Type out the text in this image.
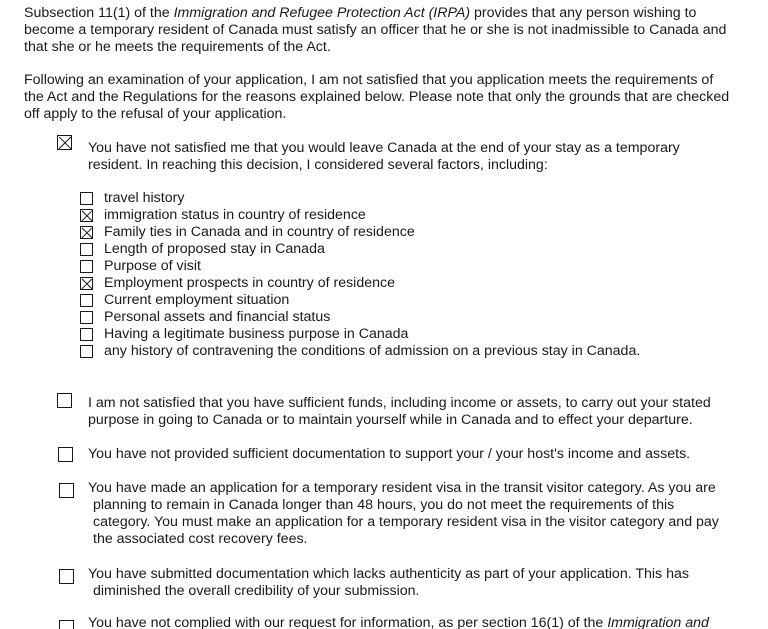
Subsection 11(1) of the Immigration and Refugee Protection Act (IRPA) provides that any person wishing to
become a temporary resident of Canada must satisfy an officer that he or she is not inadmissible to Canada and
that she or he meets the requirements of the Act.

Following an examination of your application, I am not satisfied that you application meets the requirements of
the Act and the Regulations for the reasons explained below. Please note that only the grounds that are checked
off apply to the refusal of your application.

You have not satisfied me that you would leave Canada at the end of your stay as a temporary
resident. In reaching this decision, I considered several factors, including:
travel history
immigration status in country of residence
Family ties in Canada and in country of residence
Length of proposed stay in Canada
Purpose of visit
Employment prospects in country of residence
Current employment situation
Personal assets and financial status
Having a legitimate business purpose in Canada
any history of contravening the conditions of admission on a previous stay in Canada.
I am not satisfied that you have sufficient funds, including income or assets, to carry out your stated
purpose in going to Canada or to maintain yourself while in Canada and to effect your departure.
You have not provided sufficient documentation to support your / your host's income and assets.
You have made an application for a temporary resident visa in the transit visitor category. As you are
planning to remain in Canada longer than 48 hours, you do not meet the requirements of this
category. You must make an application for a temporary resident visa in the visitor category and pay
the associated cost recovery fees.
You have submitted documentation which lacks authenticity as part of your application. This has
diminished the overall credibility of your submission.
You have not complied with our request for information, as per section 16(1) of the Immigration and
